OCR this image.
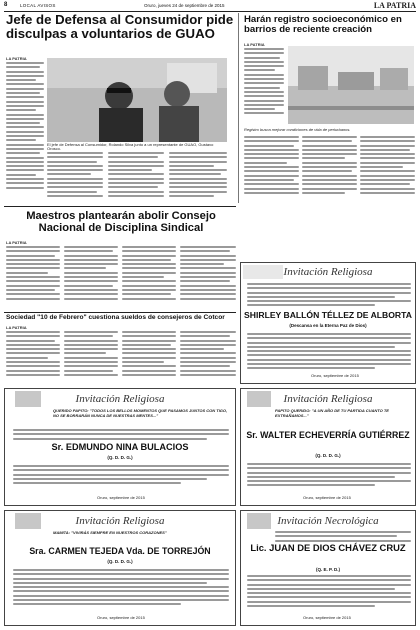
8	LOCAL AVISOS	Oruro, jueves 24 de septiembre de 2015	LA PATRIA
Jefe de Defensa al Consumidor pide disculpas a voluntarios de GUAO
LA PATRIA
El jefe de Defensa al Consumidor, Rolando Silva junto a un representante de GUAO, Gustavo Orosco.
Harán registro socioeconómico en barrios de reciente creación
LA PATRIA
Registro busca mejorar condiciones de vida de periurbanos.
Maestros plantearán abolir Consejo Nacional de Disciplina Sindical
LA PATRIA
Sociedad "10 de Febrero" cuestiona sueldos de consejeros de Cotcor
LA PATRIA
Invitación Religiosa
SHIRLEY BALLÓN TÉLLEZ DE ALBORTA
(Descansa en la Eterna Paz de Dios)
Oruro, septiembre de 2015
Invitación Religiosa
QUERIDO PAPITO: "TODOS LOS BELLOS MOMENTOS QUE PASAMOS JUNTOS CON TIGO, NO SE BORRARÁN NUNCA DE NUESTRAS MENTES..."
Sr. EDMUNDO NINA BULACIOS
(Q. D. D. G.)
Oruro, septiembre de 2015
Invitación Religiosa
PAPITO QUERIDO: "A UN AÑO DE TU PARTIDA CUANTO TE EXTRAÑAMOS..."
Sr. WALTER ECHEVERRÍA GUTIÉRREZ
(Q. D. D. G.)
Oruro, septiembre de 2015
Invitación Religiosa
MAMITA: "VIVIRÁS SIEMPRE EN NUESTROS CORAZONES"
Sra. CARMEN TEJEDA Vda. DE TORREJÓN
(Q. D. D. G.)
Oruro, septiembre de 2015
Invitación Necrológica
Lic. JUAN DE DIOS CHÁVEZ CRUZ
(Q. E. P. D.)
Oruro, septiembre de 2015
